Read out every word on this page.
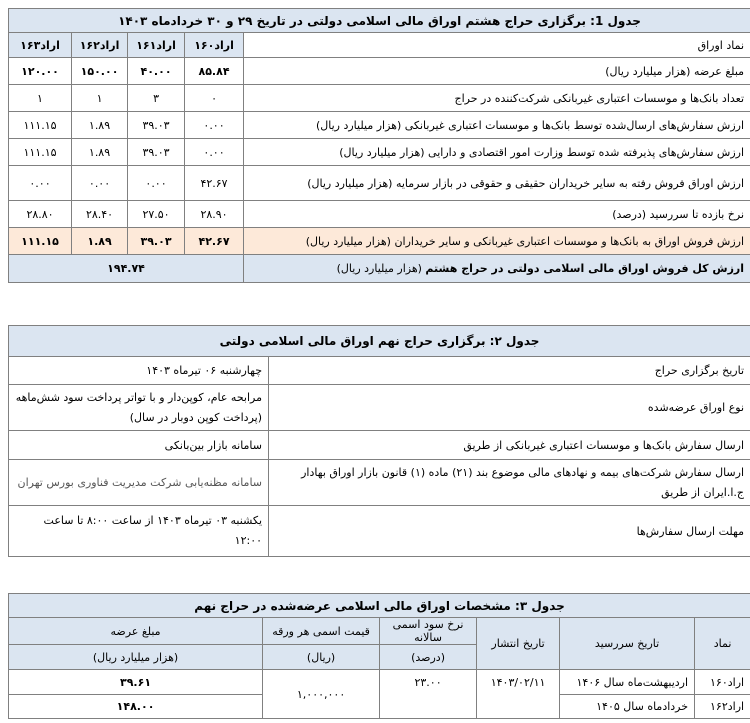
جدول 1: برگزاری حراج هشتم اوراق مالی اسلامی دولتی در تاریخ ۲۹ و ۳۰ خردادماه ۱۴۰۳				
نماد اوراق	اراد۱۶۰	اراد۱۶۱	اراد۱۶۲	اراد۱۶۳
مبلغ عرضه (هزار میلیارد ریال)	۸۵.۸۴	۴۰.۰۰	۱۵۰.۰۰	۱۲۰.۰۰
تعداد بانک‌ها و موسسات اعتباری غیربانکی شرکت‌کننده در حراج	۰	۳	۱	۱
ارزش سفارش‌های ارسال‌شده توسط بانک‌ها و موسسات اعتباری غیربانکی (هزار میلیارد ریال)	۰.۰۰	۳۹.۰۳	۱.۸۹	۱۱۱.۱۵
ارزش سفارش‌های پذیرفته شده توسط وزارت امور اقتصادی و دارایی (هزار میلیارد ریال)	۰.۰۰	۳۹.۰۳	۱.۸۹	۱۱۱.۱۵
ارزش اوراق فروش رفته به سایر خریداران حقیقی و حقوقی در بازار سرمایه (هزار میلیارد ریال)	۴۲.۶۷	۰.۰۰	۰.۰۰	۰.۰۰
نرخ بازده تا سررسید (درصد)	۲۸.۹۰	۲۷.۵۰	۲۸.۴۰	۲۸.۸۰
ارزش فروش اوراق به بانک‌ها و موسسات اعتباری غیربانکی و سایر خریداران (هزار میلیارد ریال)	۴۲.۶۷	۳۹.۰۳	۱.۸۹	۱۱۱.۱۵
ارزش کل فروش اوراق مالی اسلامی دولتی در حراج هشتم (هزار میلیارد ریال)	۱۹۴.۷۴			
جدول ۲: برگزاری حراج نهم اوراق مالی اسلامی دولتی	
تاریخ برگزاری حراج	چهارشنبه ۰۶ تیرماه ۱۴۰۳
نوع اوراق عرضه‌شده	مرابحه عام، کوپن‌دار و با تواتر پرداخت سود شش‌ماهه (پرداخت کوپن دوبار در سال)
ارسال سفارش بانک‌ها و موسسات اعتباری غیربانکی از طریق	سامانه بازار بین‌بانکی
ارسال سفارش شرکت‌های بیمه و نهادهای مالی موضوع بند (۲۱) ماده (۱) قانون بازار اوراق بهادار ج.ا.ایران از طریق	سامانه مظنه‌یابی شرکت مدیریت فناوری بورس تهران
مهلت ارسال سفارش‌ها	یکشنبه ۰۳ تیرماه ۱۴۰۳ از ساعت ۸:۰۰ تا ساعت ۱۲:۰۰
جدول ۳: مشخصات اوراق مالی اسلامی عرضه‌شده در حراج نهم					
نماد	تاریخ سررسید	تاریخ انتشار	نرخ سود اسمی سالانه	قیمت اسمی هر ورقه	مبلغ عرضه
			(درصد)	(ریال)	(هزار میلیارد ریال)
اراد۱۶۰	اردیبهشت‌ماه سال ۱۴۰۶	۱۴۰۳/۰۲/۱۱	۲۳.۰۰	۱,۰۰۰,۰۰۰	۳۹.۶۱
اراد۱۶۲	خردادماه سال ۱۴۰۵				۱۴۸.۰۰
